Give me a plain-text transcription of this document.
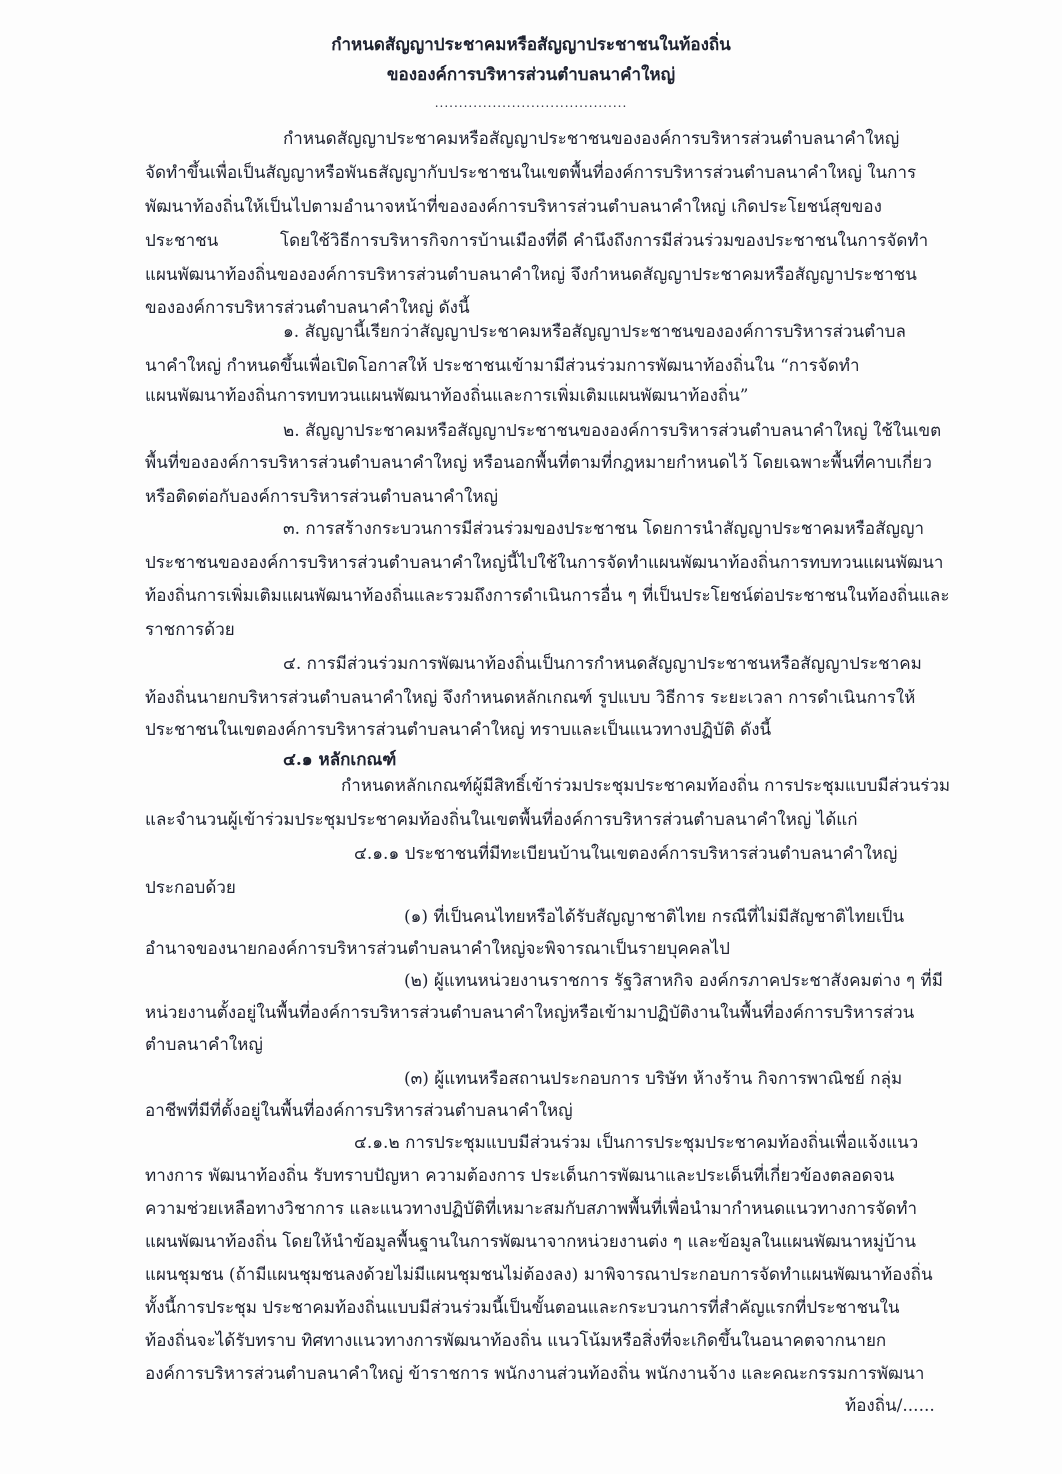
กำหนดสัญญาประชาคมหรือสัญญาประชาชนในท้องถิ่น
ขององค์การบริหารส่วนตำบลนาคำใหญ่
........................................
กำหนดสัญญาประชาคมหรือสัญญาประชาชนขององค์การบริหารส่วนตำบลนาคำใหญ่
จัดทำขึ้นเพื่อเป็นสัญญาหรือพันธสัญญากับประชาชนในเขตพื้นที่องค์การบริหารส่วนตำบลนาคำใหญ่ ในการ
พัฒนาท้องถิ่นให้เป็นไปตามอำนาจหน้าที่ขององค์การบริหารส่วนตำบลนาคำใหญ่ เกิดประโยชน์สุขของ
ประชาชน	โดยใช้วิธีการบริหารกิจการบ้านเมืองที่ดี คำนึงถึงการมีส่วนร่วมของประชาชนในการจัดทำ
แผนพัฒนาท้องถิ่นขององค์การบริหารส่วนตำบลนาคำใหญ่ จึงกำหนดสัญญาประชาคมหรือสัญญาประชาชน
ขององค์การบริหารส่วนตำบลนาคำใหญ่ ดังนี้
๑. สัญญานี้เรียกว่าสัญญาประชาคมหรือสัญญาประชาชนขององค์การบริหารส่วนตำบล
นาคำใหญ่ กำหนดขึ้นเพื่อเปิดโอกาสให้ ประชาชนเข้ามามีส่วนร่วมการพัฒนาท้องถิ่นใน “การจัดทำ
แผนพัฒนาท้องถิ่นการทบทวนแผนพัฒนาท้องถิ่นและการเพิ่มเติมแผนพัฒนาท้องถิ่น”
๒. สัญญาประชาคมหรือสัญญาประชาชนขององค์การบริหารส่วนตำบลนาคำใหญ่ ใช้ในเขต
พื้นที่ขององค์การบริหารส่วนตำบลนาคำใหญ่ หรือนอกพื้นที่ตามที่กฎหมายกำหนดไว้ โดยเฉพาะพื้นที่คาบเกี่ยว
หรือติดต่อกับองค์การบริหารส่วนตำบลนาคำใหญ่
๓. การสร้างกระบวนการมีส่วนร่วมของประชาชน โดยการนำสัญญาประชาคมหรือสัญญา
ประชาชนขององค์การบริหารส่วนตำบลนาคำใหญ่นี้ไปใช้ในการจัดทำแผนพัฒนาท้องถิ่นการทบทวนแผนพัฒนา
ท้องถิ่นการเพิ่มเติมแผนพัฒนาท้องถิ่นและรวมถึงการดำเนินการอื่น ๆ ที่เป็นประโยชน์ต่อประชาชนในท้องถิ่นและ
ราชการด้วย
๔. การมีส่วนร่วมการพัฒนาท้องถิ่นเป็นการกำหนดสัญญาประชาชนหรือสัญญาประชาคม
ท้องถิ่นนายกบริหารส่วนตำบลนาคำใหญ่ จึงกำหนดหลักเกณฑ์ รูปแบบ วิธีการ ระยะเวลา การดำเนินการให้
ประชาชนในเขตองค์การบริหารส่วนตำบลนาคำใหญ่ ทราบและเป็นแนวทางปฏิบัติ ดังนี้
๔.๑ หลักเกณฑ์
กำหนดหลักเกณฑ์ผู้มีสิทธิ์เข้าร่วมประชุมประชาคมท้องถิ่น การประชุมแบบมีส่วนร่วม
และจำนวนผู้เข้าร่วมประชุมประชาคมท้องถิ่นในเขตพื้นที่องค์การบริหารส่วนตำบลนาคำใหญ่ ได้แก่
๔.๑.๑ ประชาชนที่มีทะเบียนบ้านในเขตองค์การบริหารส่วนตำบลนาคำใหญ่
ประกอบด้วย
(๑) ที่เป็นคนไทยหรือได้รับสัญญาชาติไทย กรณีที่ไม่มีสัญชาติไทยเป็น
อำนาจของนายกองค์การบริหารส่วนตำบลนาคำใหญ่จะพิจารณาเป็นรายบุคคลไป
(๒) ผู้แทนหน่วยงานราชการ รัฐวิสาหกิจ องค์กรภาคประชาสังคมต่าง ๆ ที่มี
หน่วยงานตั้งอยู่ในพื้นที่องค์การบริหารส่วนตำบลนาคำใหญ่หรือเข้ามาปฏิบัติงานในพื้นที่องค์การบริหารส่วน
ตำบลนาคำใหญ่
(๓) ผู้แทนหรือสถานประกอบการ บริษัท ห้างร้าน กิจการพาณิชย์ กลุ่ม
อาชีพที่มีที่ตั้งอยู่ในพื้นที่องค์การบริหารส่วนตำบลนาคำใหญ่
๔.๑.๒ การประชุมแบบมีส่วนร่วม เป็นการประชุมประชาคมท้องถิ่นเพื่อแจ้งแนว
ทางการ พัฒนาท้องถิ่น รับทราบปัญหา ความต้องการ ประเด็นการพัฒนาและประเด็นที่เกี่ยวข้องตลอดจน
ความช่วยเหลือทางวิชาการ และแนวทางปฏิบัติที่เหมาะสมกับสภาพพื้นที่เพื่อนำมากำหนดแนวทางการจัดทำ
แผนพัฒนาท้องถิ่น โดยให้นำข้อมูลพื้นฐานในการพัฒนาจากหน่วยงานต่ง ๆ และข้อมูลในแผนพัฒนาหมู่บ้าน
แผนชุมชน (ถ้ามีแผนชุมชนลงด้วยไม่มีแผนชุมชนไม่ต้องลง) มาพิจารณาประกอบการจัดทำแผนพัฒนาท้องถิ่น
ทั้งนี้การประชุม ประชาคมท้องถิ่นแบบมีส่วนร่วมนี้เป็นขั้นตอนและกระบวนการที่สำคัญแรกที่ประชาชนใน
ท้องถิ่นจะได้รับทราบ ทิศทางแนวทางการพัฒนาท้องถิ่น แนวโน้มหรือสิ่งที่จะเกิดขึ้นในอนาคตจากนายก
องค์การบริหารส่วนตำบลนาคำใหญ่ ข้าราชการ พนักงานส่วนท้องถิ่น พนักงานจ้าง และคณะกรรมการพัฒนา
ท้องถิ่น/......
